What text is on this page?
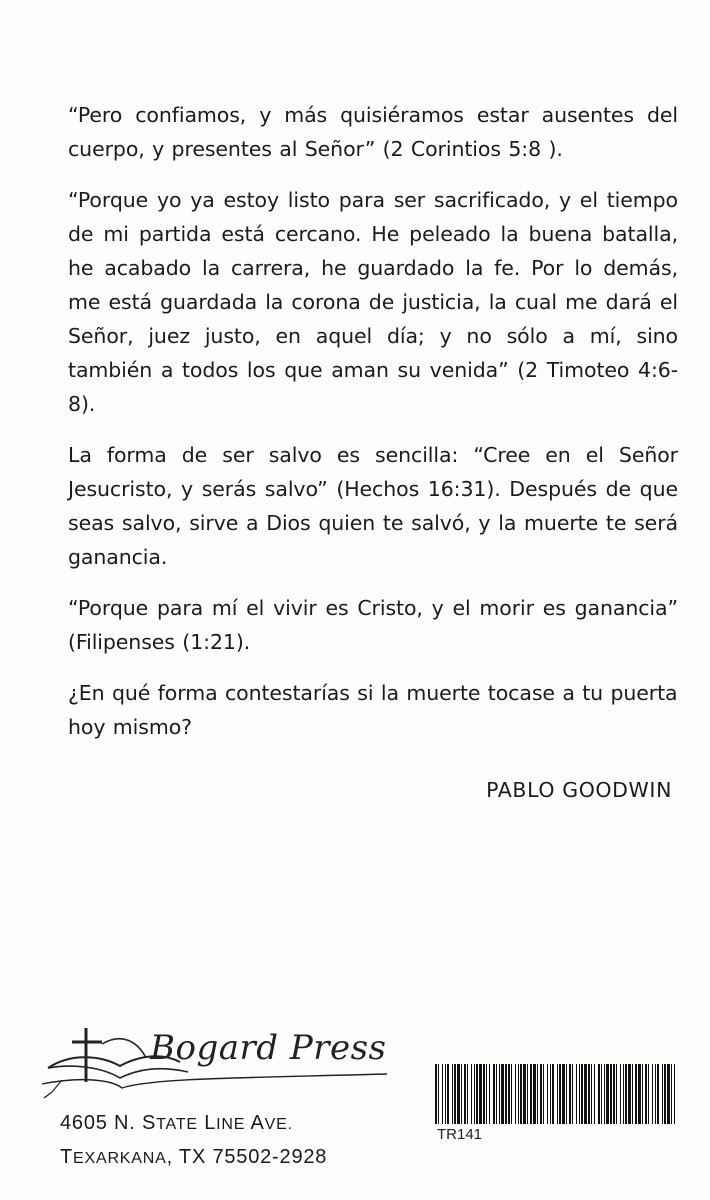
“Pero confiamos, y más quisiéramos estar ausentes del cuerpo, y presentes al Señor” (2 Corintios 5:8 ).

“Porque yo ya estoy listo para ser sacrificado, y el tiempo de mi partida está cercano. He peleado la buena batalla, he acabado la carrera, he guardado la fe. Por lo demás, me está guardada la corona de justicia, la cual me dará el Señor, juez justo, en aquel día; y no sólo a mí, sino también a todos los que aman su venida” (2 Timoteo 4:6-8).

La forma de ser salvo es sencilla: “Cree en el Señor Jesucristo, y serás salvo” (Hechos 16:31). Después de que seas salvo, sirve a Dios quien te salvó, y la muerte te será ganancia.

“Porque para mí el vivir es Cristo, y el morir es ganancia” (Filipenses (1:21).

¿En qué forma contestarías si la muerte tocase a tu puerta hoy mismo?

PABLO GOODWIN
Bogard Press
4605 N. STATE LINE AVE.
TEXARKANA, TX 75502-2928
TR141
